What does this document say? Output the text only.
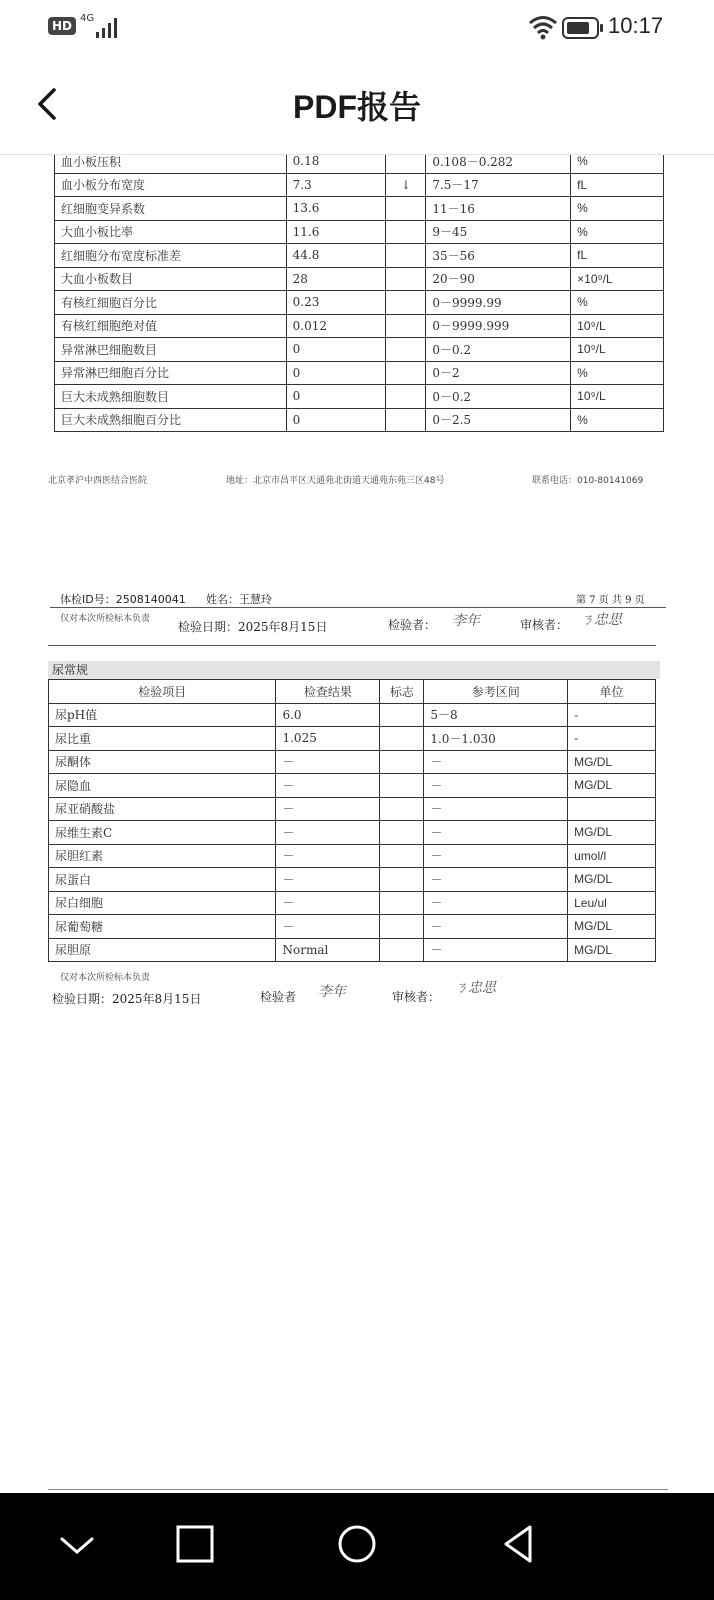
HD
4G	10:17
PDF报告
血小板压积	0.18		0.108－0.282	%
血小板分布宽度	7.3	↓	7.5－17	fL
红细胞变异系数	13.6		11－16	%
大血小板比率	11.6		9－45	%
红细胞分布宽度标准差	44.8		35－56	fL
大血小板数目	28		20－90	×10⁹/L
有核红细胞百分比	0.23		0－9999.99	%
有核红细胞绝对值	0.012		0－9999.999	10⁹/L
异常淋巴细胞数目	0		0－0.2	10⁹/L
异常淋巴细胞百分比	0		0－2	%
巨大未成熟细胞数目	0		0－0.2	10⁹/L
巨大未成熟细胞百分比	0		0－2.5	%
北京孝沪中西医结合医院	地址：北京市昌平区天通苑北街道天通苑东苑三区48号	联系电话：010-80141069
体检ID号：2508140041 姓名：王慧玲	第 7 页 共 9 页
仅对本次所检标本负责
检验日期：2025年8月15日	检验者： 李年	审核者： ㄋ忠思
尿常规
检验项目	检查结果	标志	参考区间	单位
尿pH值	6.0		5－8	-
尿比重	1.025		1.0－1.030	-
尿酮体	－		－	MG/DL
尿隐血	－		－	MG/DL
尿亚硝酸盐	－		－	
尿维生素C	－		－	MG/DL
尿胆红素	－		－	umol/l
尿蛋白	－		－	MG/DL
尿白细胞	－		－	Leu/ul
尿葡萄糖	－		－	MG/DL
尿胆原	Normal		－	MG/DL
仅对本次所检标本负责
检验日期：2025年8月15日	检验者 李年	审核者：
ㄋ忠思
